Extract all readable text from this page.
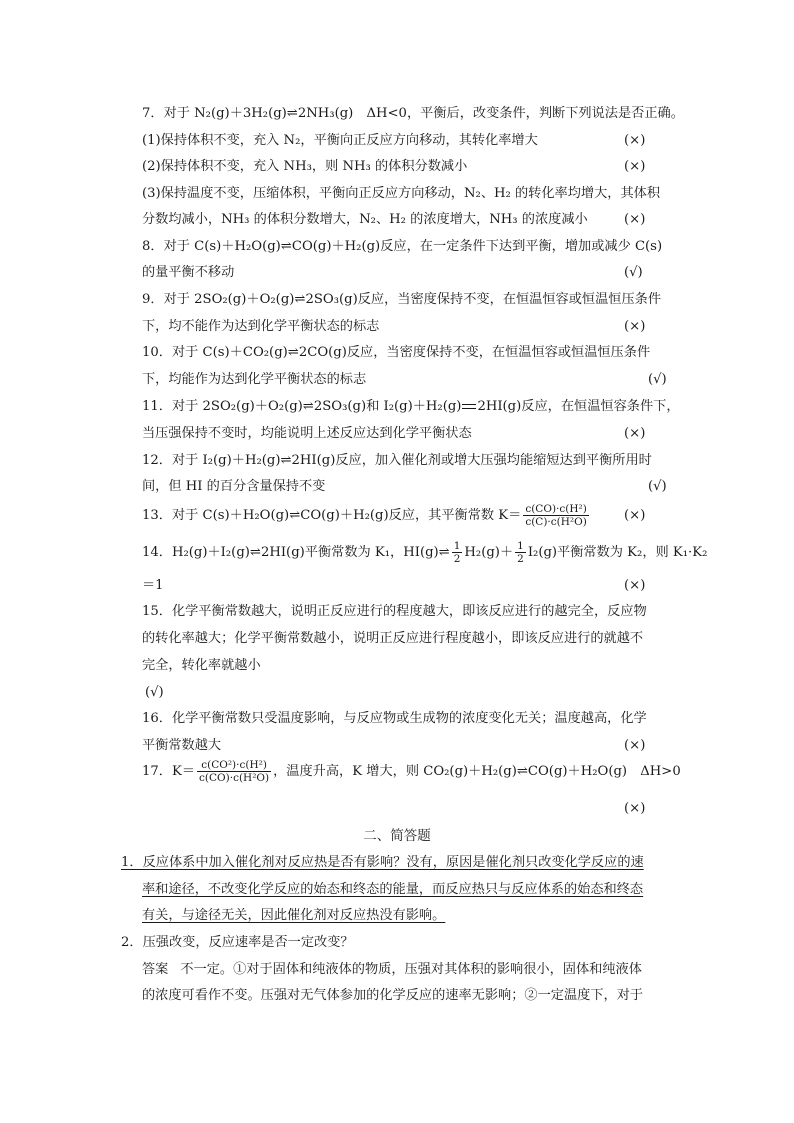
7．对于 N₂(g)＋3H₂(g)⇌2NH₃(g)　ΔH<0，平衡后，改变条件，判断下列说法是否正确。
(1)保持体积不变，充入 N₂，平衡向正反应方向移动，其转化率增大	(×)
(2)保持体积不变，充入 NH₃，则 NH₃ 的体积分数减小	(×)
(3)保持温度不变，压缩体积，平衡向正反应方向移动，N₂、H₂ 的转化率均增大，其体积
分数均减小，NH₃ 的体积分数增大，N₂、H₂ 的浓度增大，NH₃ 的浓度减小	(×)
8．对于 C(s)＋H₂O(g)⇌CO(g)＋H₂(g)反应，在一定条件下达到平衡，增加或减少 C(s)
的量平衡不移动	(√)
9．对于 2SO₂(g)＋O₂(g)⇌2SO₃(g)反应，当密度保持不变，在恒温恒容或恒温恒压条件
下，均不能作为达到化学平衡状态的标志	(×)
10．对于 C(s)＋CO₂(g)⇌2CO(g)反应，当密度保持不变，在恒温恒容或恒温恒压条件
下，均能作为达到化学平衡状态的标志	(√)
11．对于 2SO₂(g)＋O₂(g)⇌2SO₃(g)和 I₂(g)＋H₂(g) 2HI(g)反应，在恒温恒容条件下，
当压强保持不变时，均能说明上述反应达到化学平衡状态	(×)
12．对于 I₂(g)＋H₂(g)⇌2HI(g)反应，加入催化剂或增大压强均能缩短达到平衡所用时
间，但 HI 的百分含量保持不变	(√)
13．对于 C(s)＋H₂O(g)⇌CO(g)＋H₂(g)反应，其平衡常数 $K= \frac{\text{c(CO)·c(H²)}}{\text{c(C)·c(H²O)}}$	(×)
14．H₂(g)＋I₂(g)⇌2HI(g)平衡常数为 K₁，HI(g)⇌ $\frac{1}{2} H_2(g)+ \frac{1}{2} I_2(g)$平衡常数为 K₂，则 K₁·K₂
＝1	(×)
15．化学平衡常数越大，说明正反应进行的程度越大，即该反应进行的越完全，反应物
的转化率越大；化学平衡常数越小，说明正反应进行程度越小，即该反应进行的就越不
完全，转化率就越小
(√)
16．化学平衡常数只受温度影响，与反应物或生成物的浓度变化无关；温度越高，化学
平衡常数越大	(×)
17．$K= \frac{\text{c(CO²)·c(H²)}}{\text{c(CO)·c(H²O)}}$ ，温度升高，K 增大，则 CO₂(g)＋H₂(g)⇌CO(g)＋H₂O(g)　ΔH>0
(×)
二、简答题
1．反应体系中加入催化剂对反应热是否有影响？没有，原因是催化剂只改变化学反应的速
率和途径，不改变化学反应的始态和终态的能量，而反应热只与反应体系的始态和终态
有关，与途径无关，因此催化剂对反应热没有影响。
2．压强改变，反应速率是否一定改变？
答案 不一定。①对于固体和纯液体的物质，压强对其体积的影响很小，固体和纯液体
的浓度可看作不变。压强对无气体参加的化学反应的速率无影响；②一定温度下，对于
